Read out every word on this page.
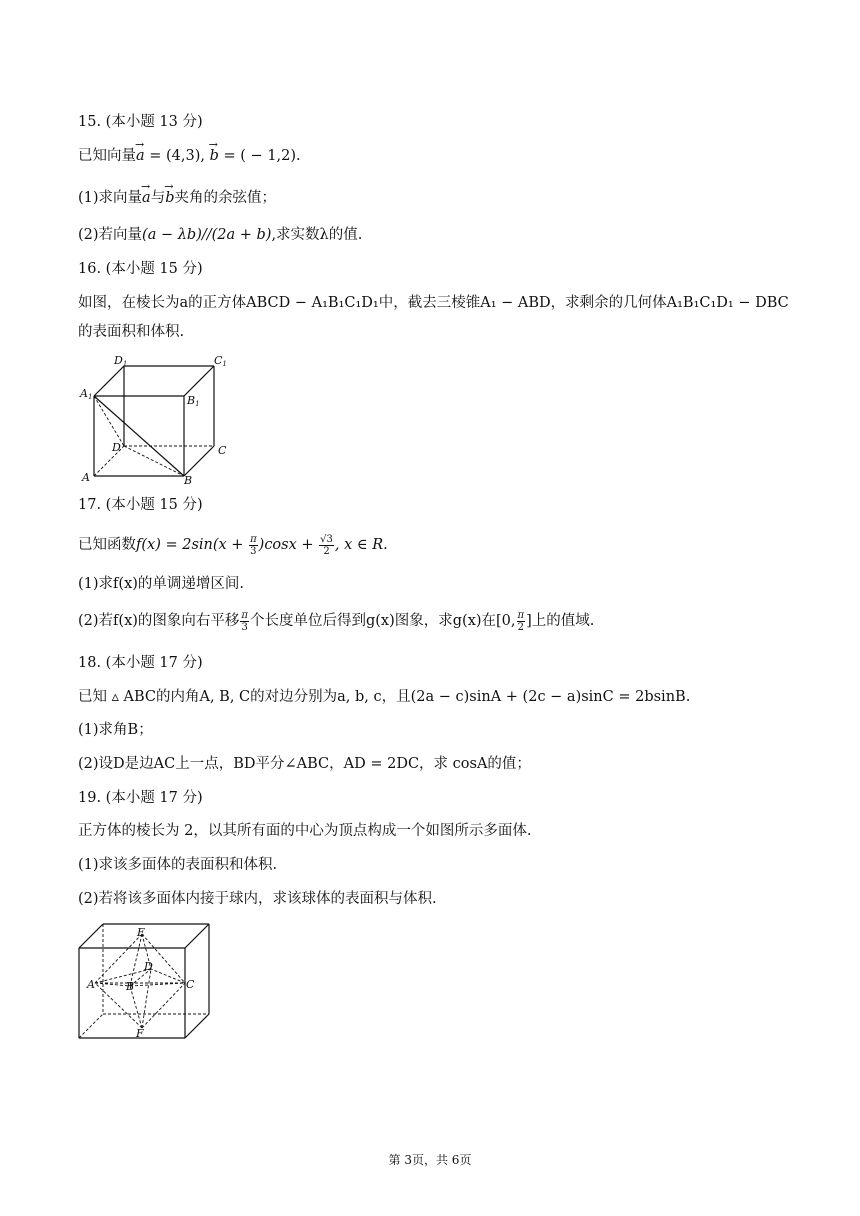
15. (本小题 13 分)
已知向量→ a = (4,3), → b = ( − 1,2).
(1)求向量→ a与→ b夹角的余弦值；
(2)若向量(a − λb)//(2a + b),求实数λ的值.
16. (本小题 15 分)
如图，在棱长为a的正方体ABCD − A₁B₁C₁D₁中，截去三棱锥A₁ − ABD，求剩余的几何体A₁B₁C₁D₁ − DBC
的表面积和体积.
D1	C1
A1	B1
D	C
A	B
17. (本小题 15 分)
已知函数$f(x) = 2\sin(x + \frac{\pi}{3} )\cos x + \frac{√3}{2}$ , x ∈ R.
(1)求f(x)的单调递增区间.
(2)若f(x)的图象向右平移 $\frac{\pi}{3}$ 个长度单位后得到g(x)图象，求g(x)在[0, $\frac{\pi}{2}$ ]上的值域.
18. (本小题 17 分)
已知 ▵ ABC的内角A, B, C的对边分别为a, b, c，且(2a − c)sinA + (2c − a)sinC = 2bsinB.
(1)求角B；
(2)设D是边AC上一点，BD平分∠ABC，AD = 2DC，求 cosA的值；
19. (本小题 17 分)
正方体的棱长为 2，以其所有面的中心为顶点构成一个如图所示多面体.
(1)求该多面体的表面积和体积.
(2)若将该多面体内接于球内，求该球体的表面积与体积.
E
D
A	B	C
F
第 3页，共 6页
